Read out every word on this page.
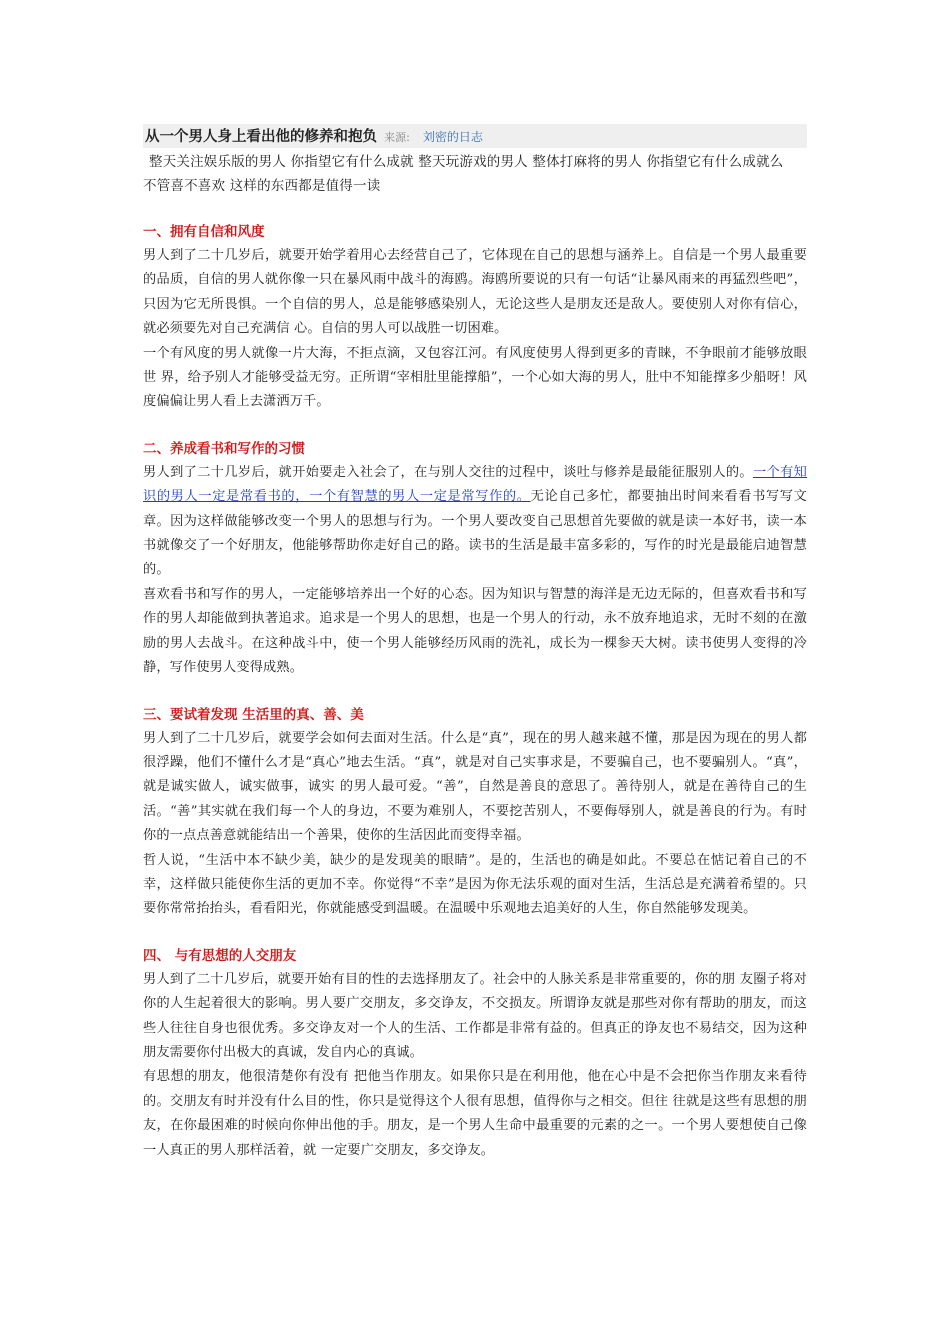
从一个男人身上看出他的修养和抱负 来源: 刘密的日志

整天关注娱乐版的男人 你指望它有什么成就 整天玩游戏的男人 整体打麻将的男人 你指望它有什么成就么　不管喜不喜欢 这样的东西都是值得一读

一、拥有自信和风度

男人到了二十几岁后，就要开始学着用心去经营自己了，它体现在自己的思想与涵养上。自信是一个男人最重要的品质，自信的男人就你像一只在暴风雨中战斗的海鸥。海鸥所要说的只有一句话“让暴风雨来的再猛烈些吧”，只因为它无所畏惧。一个自信的男人，总是能够感染别人，无论这些人是朋友还是敌人。要使别人对你有信心，就必须要先对自己充满信 心。自信的男人可以战胜一切困难。

一个有风度的男人就像一片大海，不拒点滴，又包容江河。有风度使男人得到更多的青睐，不争眼前才能够放眼世 界，给予别人才能够受益无穷。正所谓“宰相肚里能撑船”，一个心如大海的男人，肚中不知能撑多少船呀！风度偏偏让男人看上去潇洒万千。

二、养成看书和写作的习惯

男人到了二十几岁后，就开始要走入社会了，在与别人交往的过程中，谈吐与修养是最能征服别人的。一个有知识的男人一定是常看书的，一个有智慧的男人一定是常写作的。无论自己多忙，都要抽出时间来看看书写写文章。因为这样做能够改变一个男人的思想与行为。一个男人要改变自己思想首先要做的就是读一本好书，读一本书就像交了一个好朋友，他能够帮助你走好自己的路。读书的生活是最丰富多彩的，写作的时光是最能启迪智慧的。

喜欢看书和写作的男人，一定能够培养出一个好的心态。因为知识与智慧的海洋是无边无际的，但喜欢看书和写作的男人却能做到执著追求。追求是一个男人的思想，也是一个男人的行动，永不放弃地追求，无时不刻的在激励的男人去战斗。在这种战斗中，使一个男人能够经历风雨的洗礼，成长为一棵参天大树。读书使男人变得的冷静，写作使男人变得成熟。

三、要试着发现 生活里的真、善、美

男人到了二十几岁后，就要学会如何去面对生活。什么是“真”，现在的男人越来越不懂，那是因为现在的男人都很浮躁，他们不懂什么才是“真心”地去生活。“真”，就是对自己实事求是，不要骗自己，也不要骗别人。“真”，就是诚实做人，诚实做事，诚实 的男人最可爱。“善”，自然是善良的意思了。善待别人，就是在善待自己的生活。“善”其实就在我们每一个人的身边，不要为难别人，不要挖苦别人，不要侮辱别人，就是善良的行为。有时你的一点点善意就能结出一个善果，使你的生活因此而变得幸福。

哲人说，“生活中本不缺少美，缺少的是发现美的眼睛”。是的，生活也的确是如此。不要总在惦记着自己的不幸，这样做只能使你生活的更加不幸。你觉得“不幸”是因为你无法乐观的面对生活，生活总是充满着希望的。只要你常常抬抬头，看看阳光，你就能感受到温暖。在温暖中乐观地去追美好的人生，你自然能够发现美。

四、 与有思想的人交朋友

男人到了二十几岁后，就要开始有目的性的去选择朋友了。社会中的人脉关系是非常重要的，你的朋 友圈子将对你的人生起着很大的影响。男人要广交朋友，多交诤友，不交损友。所谓诤友就是那些对你有帮助的朋友，而这些人往往自身也很优秀。多交诤友对一个人的生活、工作都是非常有益的。但真正的诤友也不易结交，因为这种朋友需要你付出极大的真诚，发自内心的真诚。

有思想的朋友，他很清楚你有没有 把他当作朋友。如果你只是在利用他，他在心中是不会把你当作朋友来看待的。交朋友有时并没有什么目的性，你只是觉得这个人很有思想，值得你与之相交。但往 往就是这些有思想的朋友，在你最困难的时候向你伸出他的手。朋友，是一个男人生命中最重要的元素的之一。一个男人要想使自己像一人真正的男人那样活着，就 一定要广交朋友，多交诤友。
